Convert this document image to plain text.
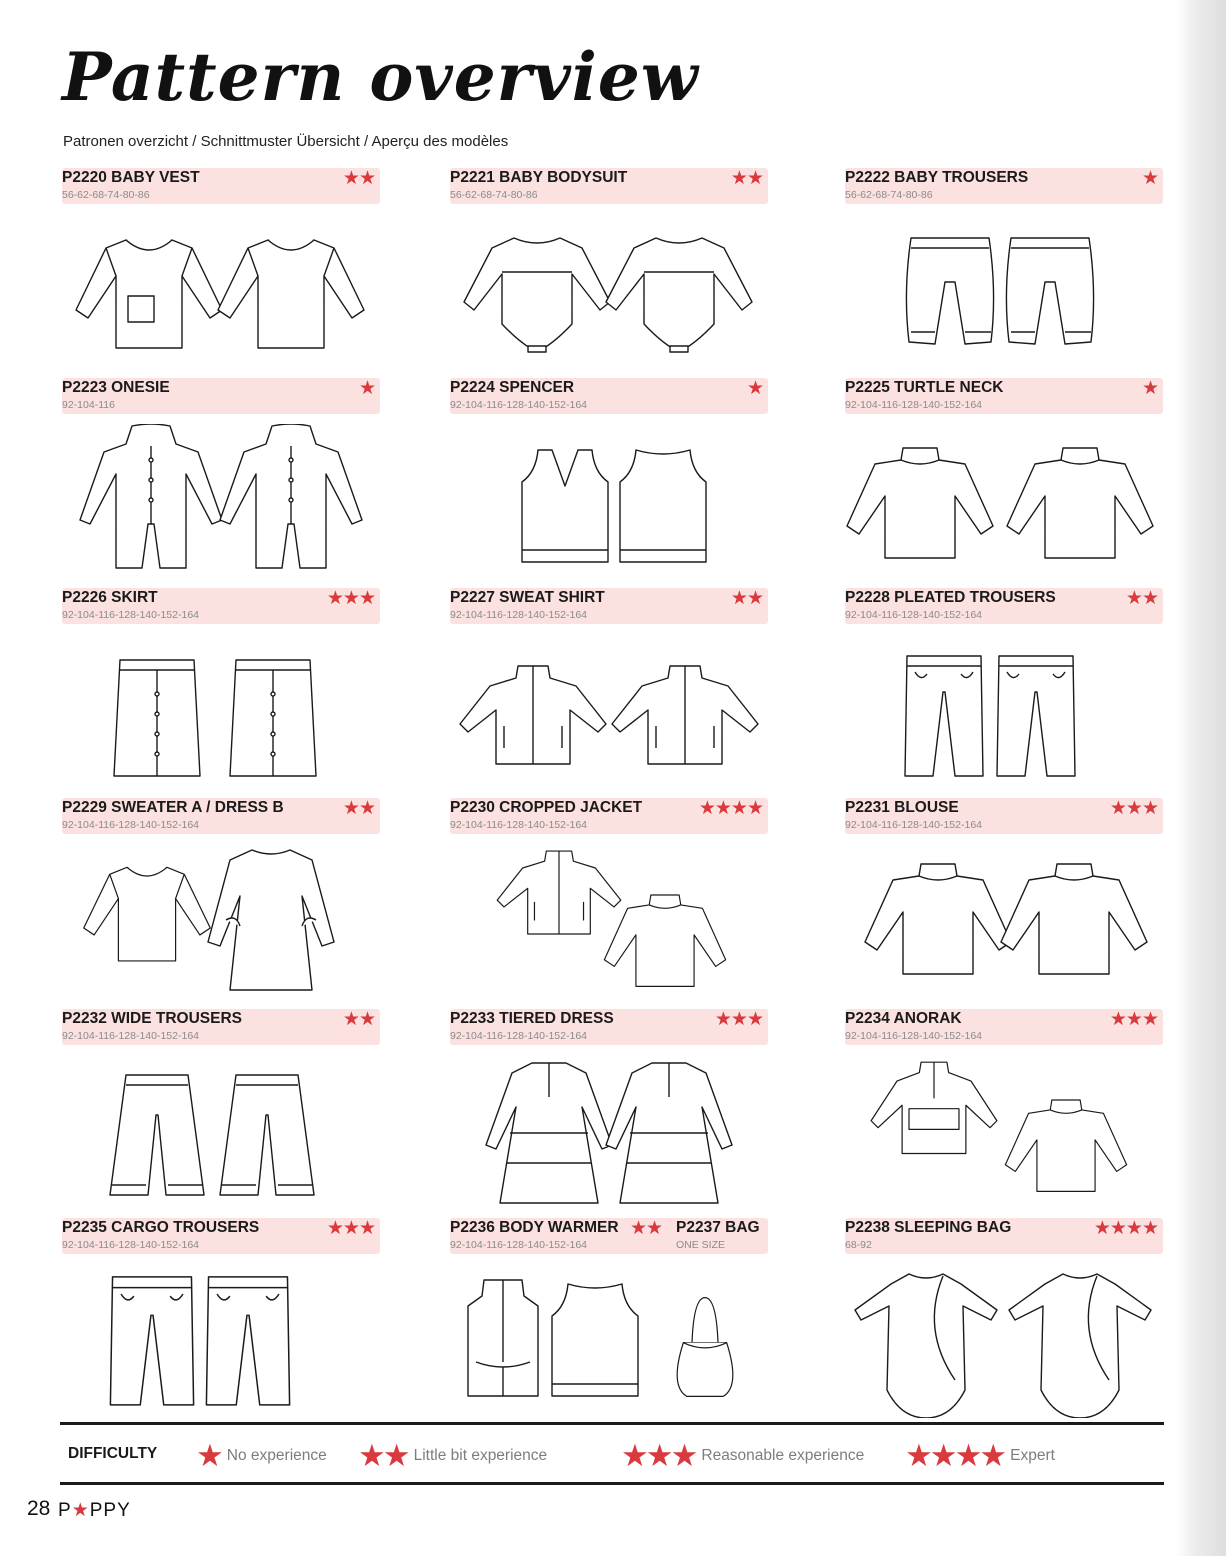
Pattern overview
Patronen overzicht / Schnittmuster Übersicht / Aperçu des modèles
P2220 BABY VEST
56-62-68-74-80-86
★★	P2221 BABY BODYSUIT
56-62-68-74-80-86
★★	P2222 BABY TROUSERS
56-62-68-74-80-86
★
P2223 ONESIE
92-104-116
★	P2224 SPENCER
92-104-116-128-140-152-164
★	P2225 TURTLE NECK
92-104-116-128-140-152-164
★
P2226 SKIRT
92-104-116-128-140-152-164
★★★	P2227 SWEAT SHIRT
92-104-116-128-140-152-164
★★	P2228 PLEATED TROUSERS
92-104-116-128-140-152-164
★★
P2229 SWEATER A / DRESS B
92-104-116-128-140-152-164
★★	P2230 CROPPED JACKET
92-104-116-128-140-152-164
★★★★	P2231 BLOUSE
92-104-116-128-140-152-164
★★★
P2232 WIDE TROUSERS
92-104-116-128-140-152-164
★★	P2233 TIERED DRESS
92-104-116-128-140-152-164
★★★	P2234 ANORAK
92-104-116-128-140-152-164
★★★
P2235 CARGO TROUSERS
92-104-116-128-140-152-164
★★★	P2236 BODY WARMER
92-104-116-128-140-152-164
★★ P2237 BAG
ONE SIZE
P2238 SLEEPING BAG
68-92
★★★★
DIFFICULTY ★ No experience ★★ Little bit experience ★★★ Reasonable experience ★★★★ Expert
28 P★PPY
